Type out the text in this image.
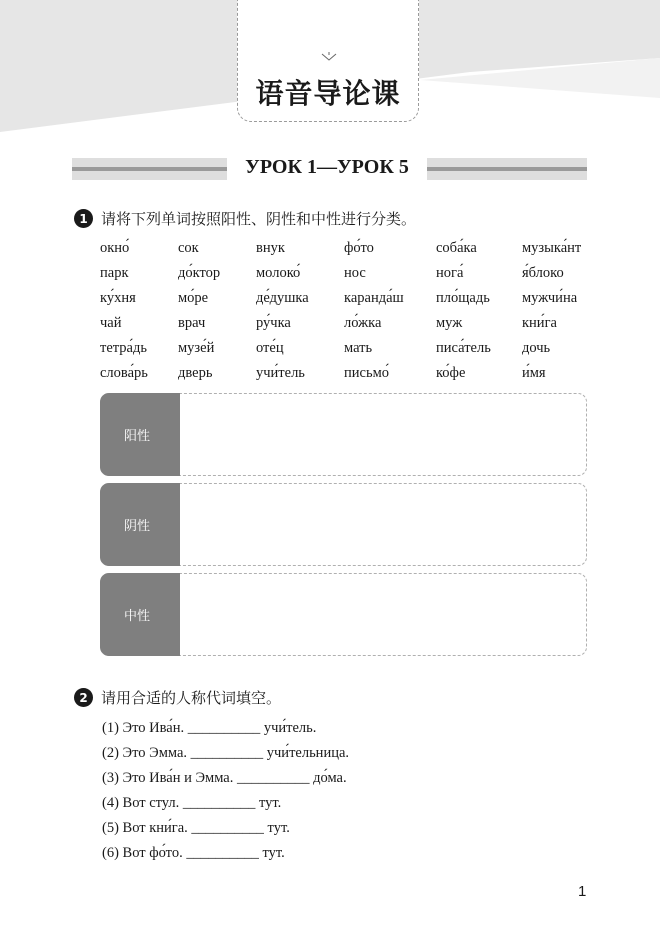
语音导论课
УРОК 1—УРОК 5
1 请将下列单词按照阳性、阴性和中性进行分类。
окно́	сок	внук	фо́то	соба́ка	музыка́нт
парк	до́ктор	молоко́	нос	нога́	я́блоко
ку́хня	мо́ре	де́душка	каранда́ш	пло́щадь	мужчи́на
чай	врач	ру́чка	ло́жка	муж	кни́га
тетра́дь	музе́й	оте́ц	мать	писа́тель	дочь
слова́рь	дверь	учи́тель	письмо́	ко́фе	и́мя
阳性
阴性
中性
2 请用合适的人称代词填空。
(1) Это Ива́н. __________ учи́тель.
(2) Это Эмма. __________ учи́тельница.
(3) Это Ива́н и Эмма. __________ до́ма.
(4) Вот стул. __________ тут.
(5) Вот кни́га. __________ тут.
(6) Вот фо́то. __________ тут.
1
